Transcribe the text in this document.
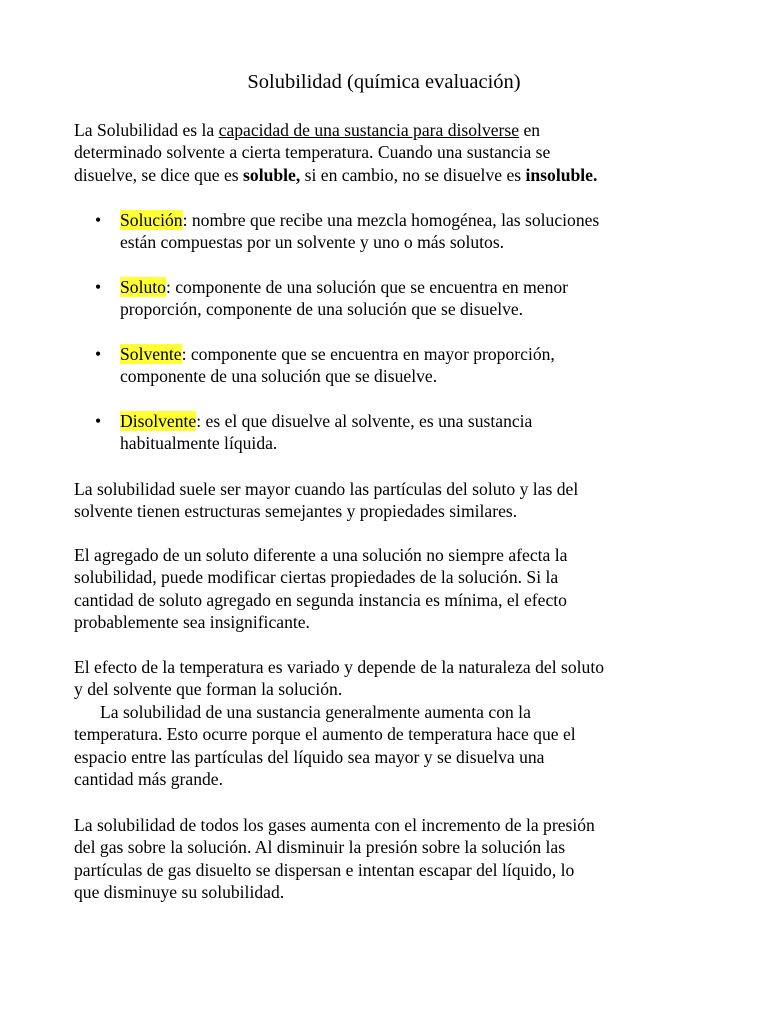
Solubilidad (química evaluación)

La Solubilidad es la capacidad de una sustancia para disolverse en
determinado solvente a cierta temperatura. Cuando una sustancia se
disuelve, se dice que es soluble, si en cambio, no se disuelve es insoluble.

• Solución: nombre que recibe una mezcla homogénea, las soluciones
están compuestas por un solvente y uno o más solutos.
• Soluto: componente de una solución que se encuentra en menor
proporción, componente de una solución que se disuelve.
• Solvente: componente que se encuentra en mayor proporción,
componente de una solución que se disuelve.
• Disolvente: es el que disuelve al solvente, es una sustancia
habitualmente líquida.

La solubilidad suele ser mayor cuando las partículas del soluto y las del
solvente tienen estructuras semejantes y propiedades similares.

El agregado de un soluto diferente a una solución no siempre afecta la
solubilidad, puede modificar ciertas propiedades de la solución. Si la
cantidad de soluto agregado en segunda instancia es mínima, el efecto
probablemente sea insignificante.

El efecto de la temperatura es variado y depende de la naturaleza del soluto
y del solvente que forman la solución.
La solubilidad de una sustancia generalmente aumenta con la
temperatura. Esto ocurre porque el aumento de temperatura hace que el
espacio entre las partículas del líquido sea mayor y se disuelva una
cantidad más grande.

La solubilidad de todos los gases aumenta con el incremento de la presión
del gas sobre la solución. Al disminuir la presión sobre la solución las
partículas de gas disuelto se dispersan e intentan escapar del líquido, lo
que disminuye su solubilidad.
